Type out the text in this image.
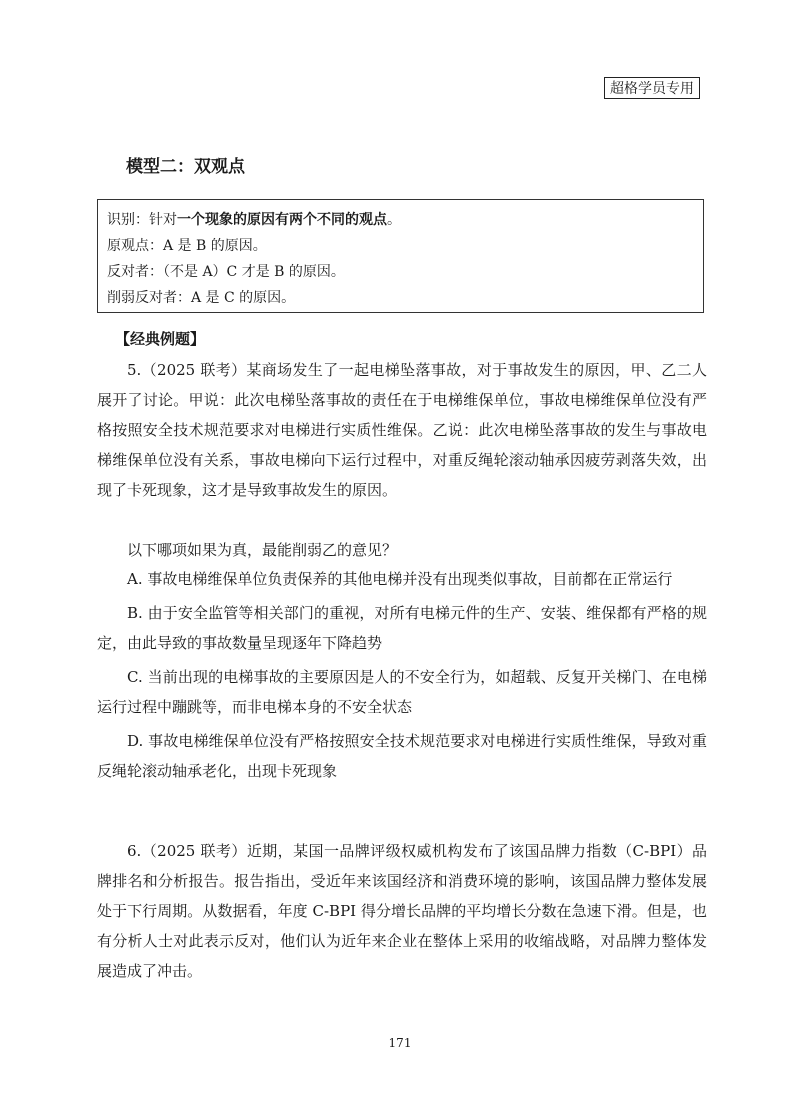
超格学员专用
模型二：双观点
识别：针对一个现象的原因有两个不同的观点。
原观点：A 是 B 的原因。
反对者：（不是 A）C 才是 B 的原因。
削弱反对者：A 是 C 的原因。
【经典例题】

5.（2025 联考）某商场发生了一起电梯坠落事故，对于事故发生的原因，甲、乙二人展开了讨论。甲说：此次电梯坠落事故的责任在于电梯维保单位，事故电梯维保单位没有严格按照安全技术规范要求对电梯进行实质性维保。乙说：此次电梯坠落事故的发生与事故电梯维保单位没有关系，事故电梯向下运行过程中，对重反绳轮滚动轴承因疲劳剥落失效，出现了卡死现象，这才是导致事故发生的原因。

以下哪项如果为真，最能削弱乙的意见？

A. 事故电梯维保单位负责保养的其他电梯并没有出现类似事故，目前都在正常运行

B. 由于安全监管等相关部门的重视，对所有电梯元件的生产、安装、维保都有严格的规定，由此导致的事故数量呈现逐年下降趋势

C. 当前出现的电梯事故的主要原因是人的不安全行为，如超载、反复开关梯门、在电梯运行过程中蹦跳等，而非电梯本身的不安全状态

D. 事故电梯维保单位没有严格按照安全技术规范要求对电梯进行实质性维保，导致对重反绳轮滚动轴承老化，出现卡死现象

6.（2025 联考）近期，某国一品牌评级权威机构发布了该国品牌力指数（C-BPI）品牌排名和分析报告。报告指出，受近年来该国经济和消费环境的影响，该国品牌力整体发展处于下行周期。从数据看，年度 C-BPI 得分增长品牌的平均增长分数在急速下滑。但是，也有分析人士对此表示反对，他们认为近年来企业在整体上采用的收缩战略，对品牌力整体发展造成了冲击。

171
